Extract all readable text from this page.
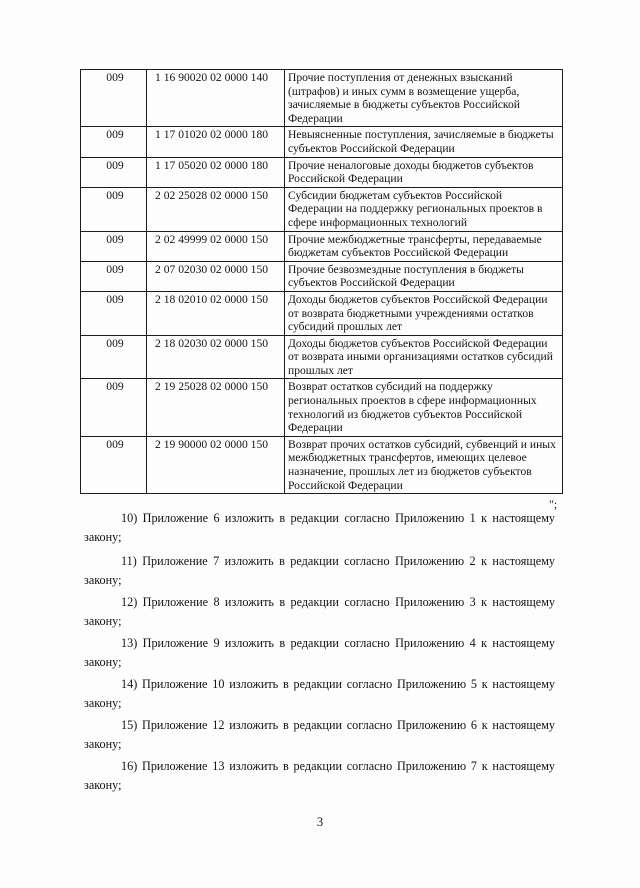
009	1 16 90020 02 0000 140	Прочие поступления от денежных взысканий (штрафов) и иных сумм в возмещение ущерба, зачисляемые в бюджеты субъектов Российской Федерации
009	1 17 01020 02 0000 180	Невыясненные поступления, зачисляемые в бюджеты субъектов Российской Федерации
009	1 17 05020 02 0000 180	Прочие неналоговые доходы бюджетов субъектов Российской Федерации
009	2 02 25028 02 0000 150	Субсидии бюджетам субъектов Российской Федерации на поддержку региональных проектов в сфере информационных технологий
009	2 02 49999 02 0000 150	Прочие межбюджетные трансферты, передаваемые бюджетам субъектов Российской Федерации
009	2 07 02030 02 0000 150	Прочие безвозмездные поступления в бюджеты субъектов Российской Федерации
009	2 18 02010 02 0000 150	Доходы бюджетов субъектов Российской Федерации от возврата бюджетными учреждениями остатков субсидий прошлых лет
009	2 18 02030 02 0000 150	Доходы бюджетов субъектов Российской Федерации от возврата иными организациями остатков субсидий прошлых лет
009	2 19 25028 02 0000 150	Возврат остатков субсидий на поддержку региональных проектов в сфере информационных технологий из бюджетов субъектов Российской Федерации
009	2 19 90000 02 0000 150	Возврат прочих остатков субсидий, субвенций и иных межбюджетных трансфертов, имеющих целевое назначение, прошлых лет из бюджетов субъектов Российской Федерации
";

10) Приложение 6 изложить в редакции согласно Приложению 1 к настоящему закону;

11) Приложение 7 изложить в редакции согласно Приложению 2 к настоящему закону;

12) Приложение 8 изложить в редакции согласно Приложению 3 к настоящему закону;

13) Приложение 9 изложить в редакции согласно Приложению 4 к настоящему закону;

14) Приложение 10 изложить в редакции согласно Приложению 5 к настоящему закону;

15) Приложение 12 изложить в редакции согласно Приложению 6 к настоящему закону;

16) Приложение 13 изложить в редакции согласно Приложению 7 к настоящему закону;

3
